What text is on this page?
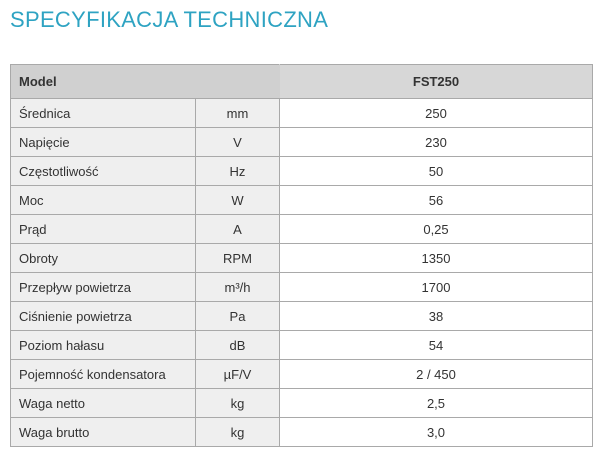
SPECYFIKACJA TECHNICZNA
Model		FST250
Średnica	mm	250
Napięcie	V	230
Częstotliwość	Hz	50
Moc	W	56
Prąd	A	0,25
Obroty	RPM	1350
Przepływ powietrza	m³/h	1700
Ciśnienie powietrza	Pa	38
Poziom hałasu	dB	54
Pojemność kondensatora	µF/V	2 / 450
Waga netto	kg	2,5
Waga brutto	kg	3,0
